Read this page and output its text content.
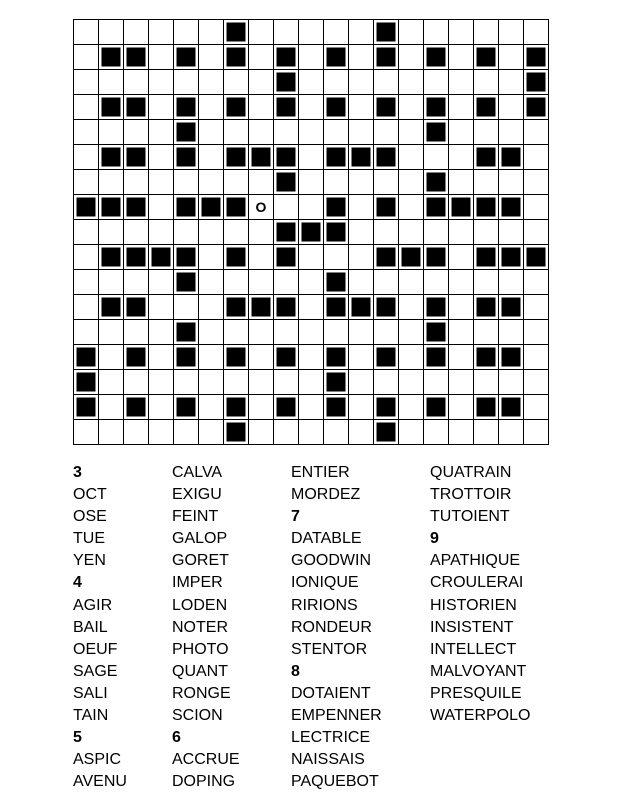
O
3
OCT
OSE
TUE
YEN
4
AGIR
BAIL
OEUF
SAGE
SALI
TAIN
5
ASPIC
AVENU
CALVA
EXIGU
FEINT
GALOP
GORET
IMPER
LODEN
NOTER
PHOTO
QUANT
RONGE
SCION
6
ACCRUE
DOPING
ENTIER
MORDEZ
7
DATABLE
GOODWIN
IONIQUE
RIRIONS
RONDEUR
STENTOR
8
DOTAIENT
EMPENNER
LECTRICE
NAISSAIS
PAQUEBOT
QUATRAIN
TROTTOIR
TUTOIENT
9
APATHIQUE
CROULERAI
HISTORIEN
INSISTENT
INTELLECT
MALVOYANT
PRESQUILE
WATERPOLO
